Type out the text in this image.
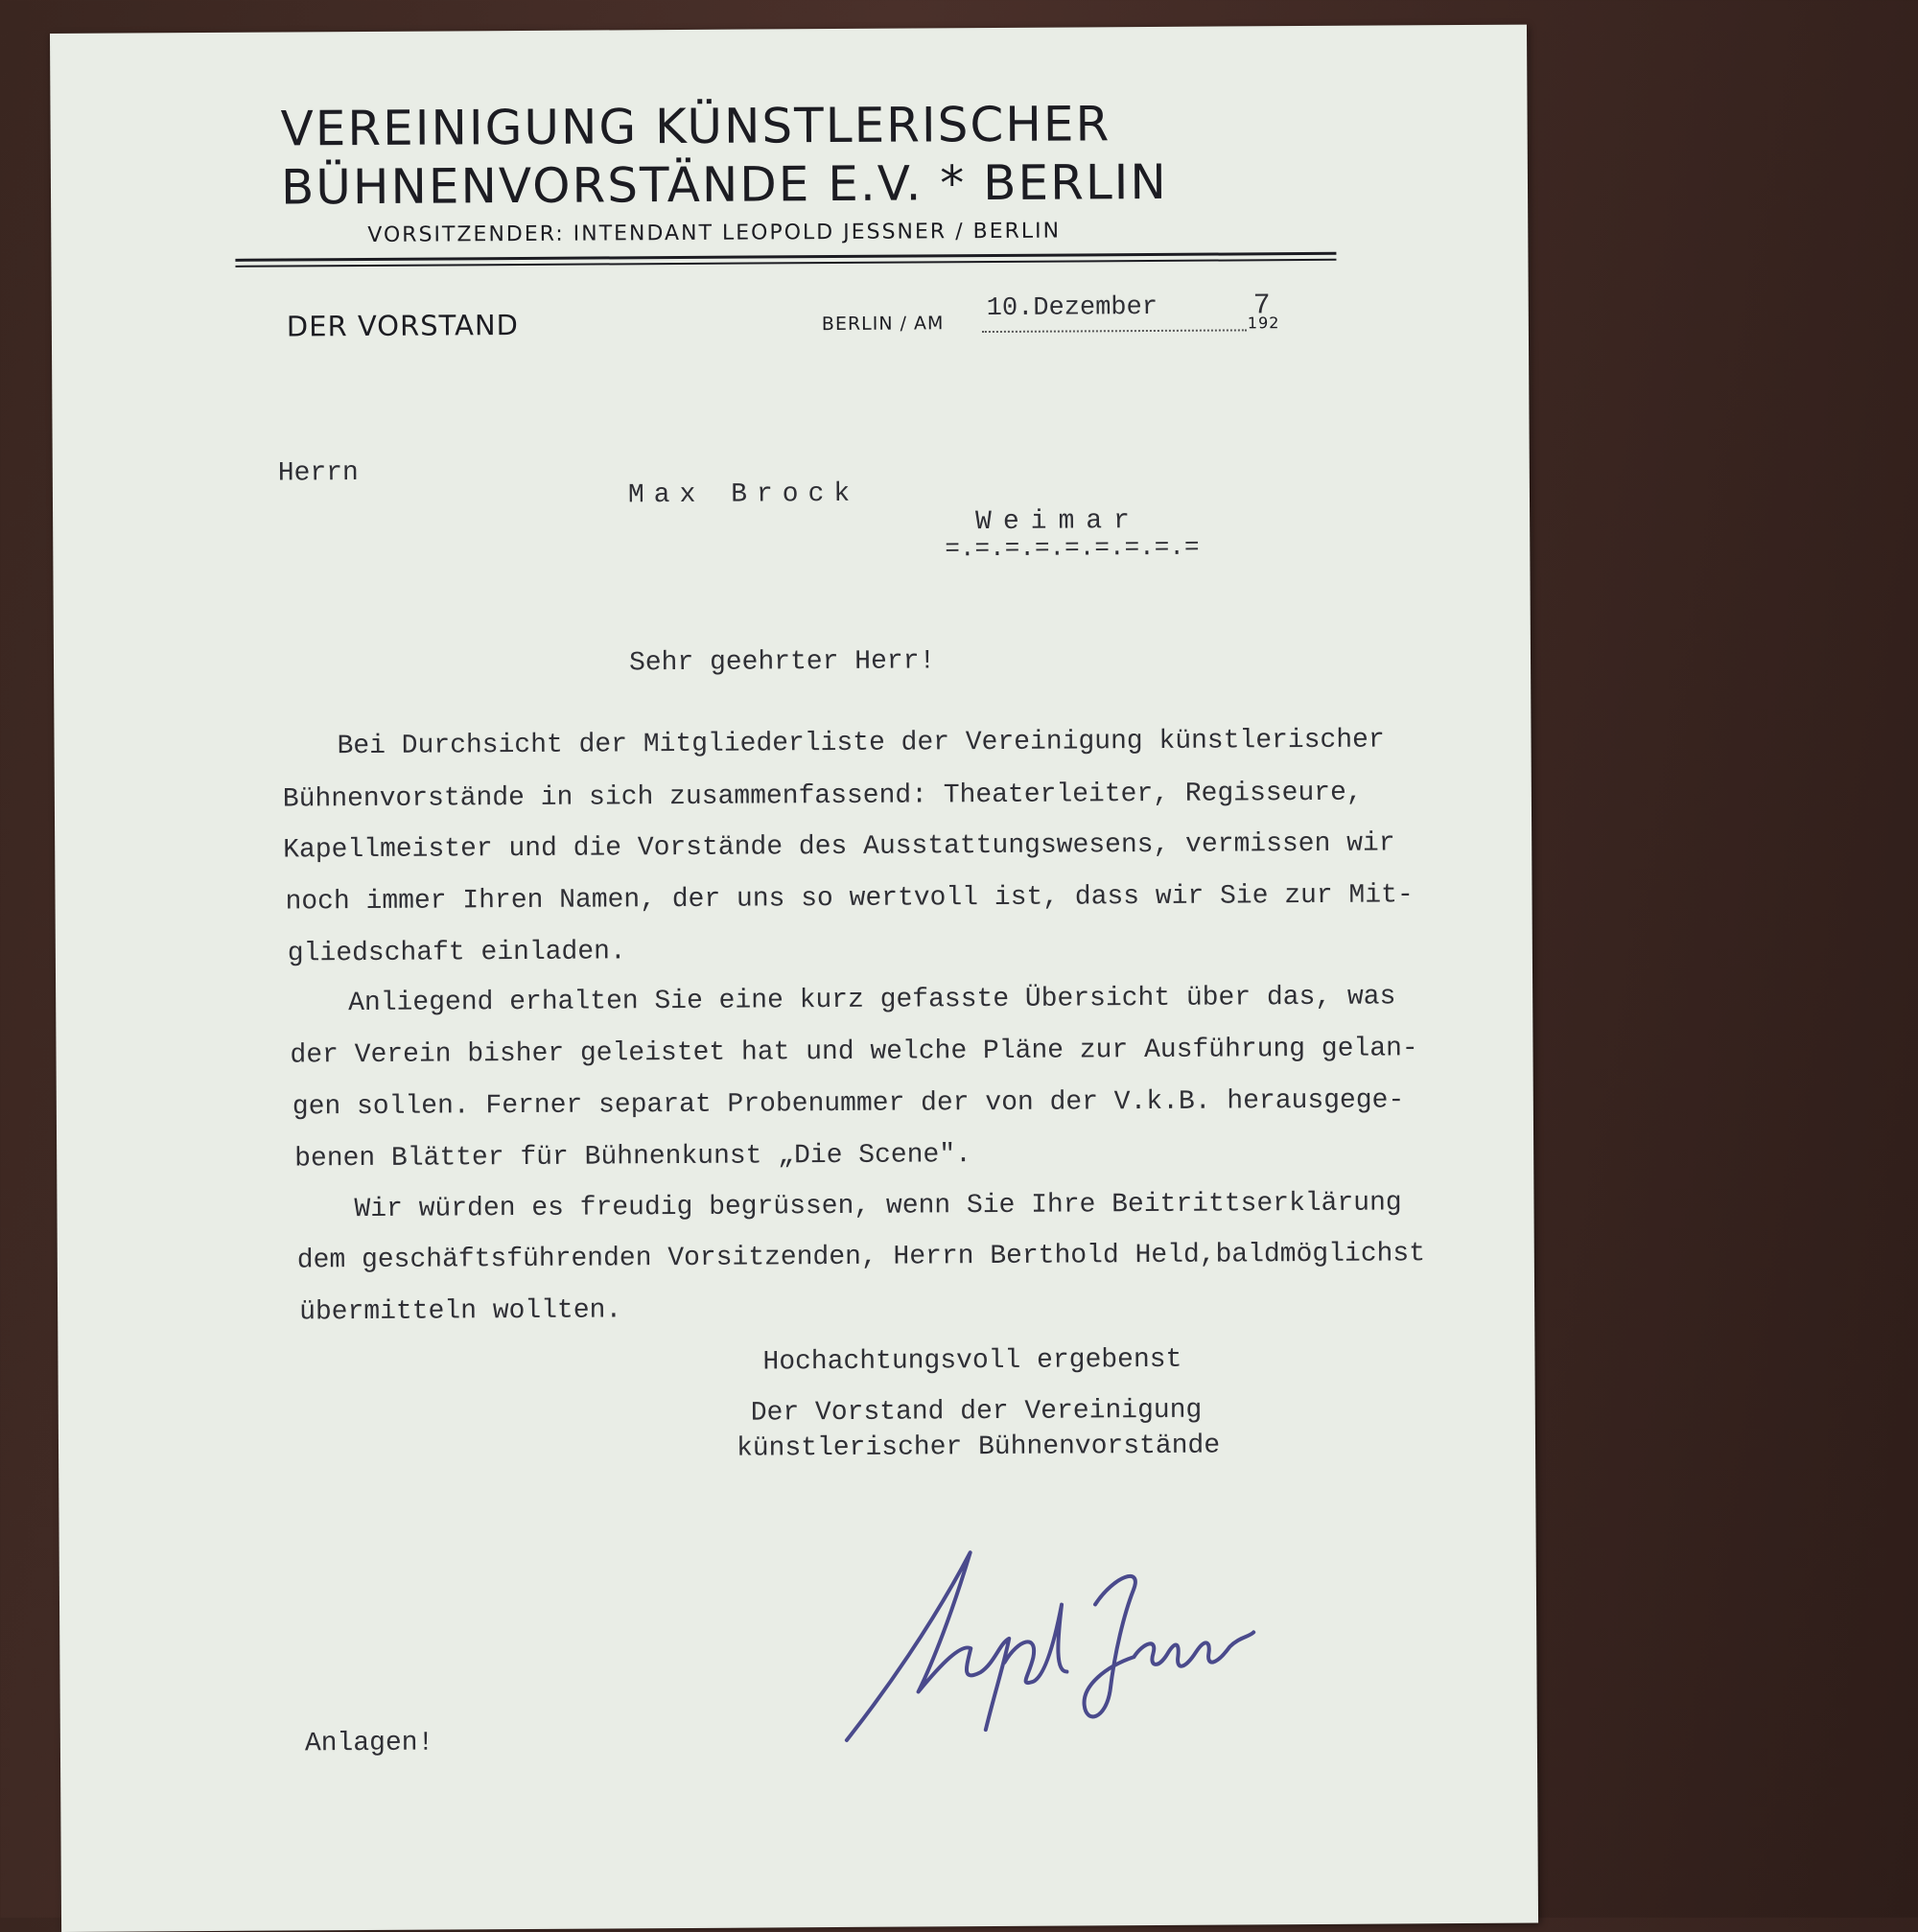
VEREINIGUNG KÜNSTLERISCHER
BÜHNENVORSTÄNDE E.V. * BERLIN
VORSITZENDER: INTENDANT LEOPOLD JESSNER / BERLIN
DER VORSTAND	BERLIN / AM
10.Dezember	192
7
Herrn
Max Brock
Weimar
=.=.=.=.=.=.=.=.=
Sehr geehrter Herr!
Bei Durchsicht der Mitgliederliste der Vereinigung künstlerischer
Bühnenvorstände in sich zusammenfassend: Theaterleiter, Regisseure,
Kapellmeister und die Vorstände des Ausstattungswesens, vermissen wir
noch immer Ihren Namen, der uns so wertvoll ist, dass wir Sie zur Mit-
gliedschaft einladen.
Anliegend erhalten Sie eine kurz gefasste Übersicht über das, was
der Verein bisher geleistet hat und welche Pläne zur Ausführung gelan-
gen sollen. Ferner separat Probenummer der von der V.k.B. herausgege-
benen Blätter für Bühnenkunst „Die Scene".
Wir würden es freudig begrüssen, wenn Sie Ihre Beitrittserklärung
dem geschäftsführenden Vorsitzenden, Herrn Berthold Held,baldmöglichst
übermitteln wollten.
Hochachtungsvoll ergebenst
Der Vorstand der Vereinigung
künstlerischer Bühnenvorstände
Anlagen!
